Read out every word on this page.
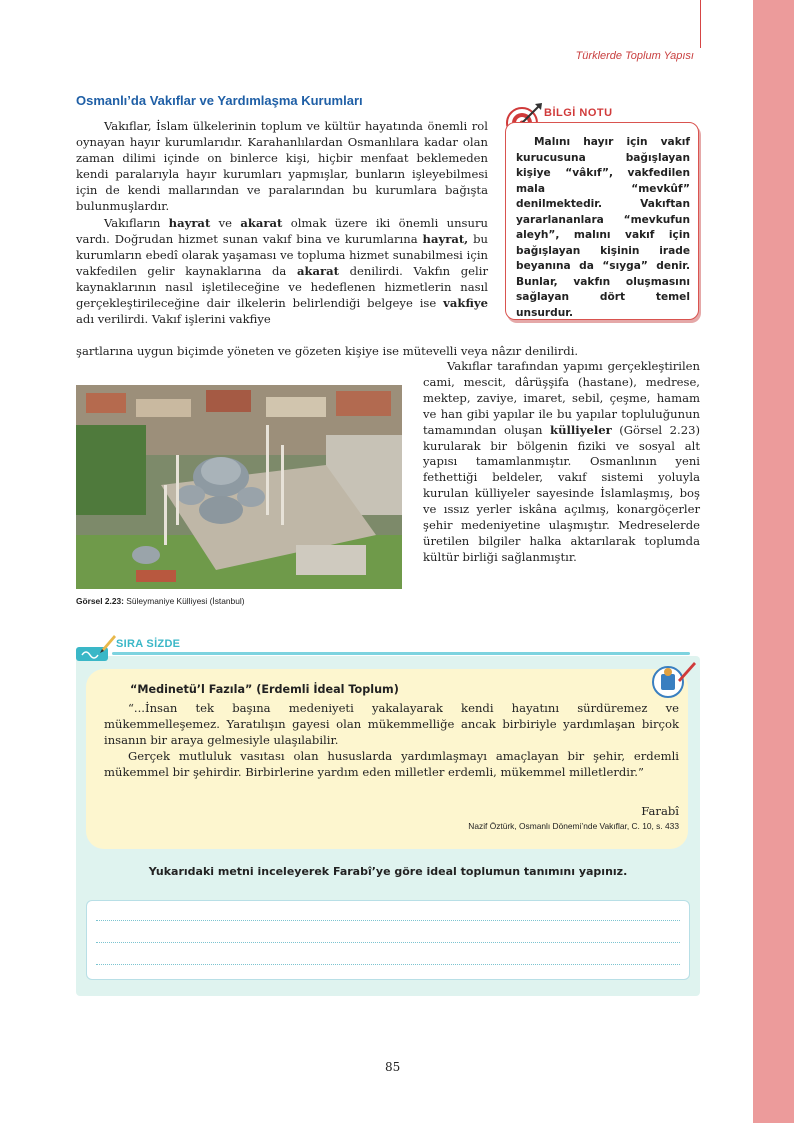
Türklerde Toplum Yapısı
Osmanlı’da Vakıflar ve Yardımlaşma Kurumları

Vakıflar, İslam ülkelerinin toplum ve kültür hayatında önemli rol oynayan hayır kurumlarıdır. Karahanlılardan Osmanlılara kadar olan zaman dilimi içinde on binlerce kişi, hiçbir menfaat beklemeden kendi paralarıyla hayır kurumları yapmışlar, bunların işleyebilmesi için de kendi mallarından ve paralarından bu kurumlara bağışta bulunmuşlardır.

Vakıfların hayrat ve akarat olmak üzere iki önemli unsuru vardı. Doğrudan hizmet sunan vakıf bina ve kurumlarına hayrat, bu kurumların ebedî olarak yaşaması ve topluma hizmet sunabilmesi için vakfedilen gelir kaynaklarına da akarat denilirdi. Vakfın gelir kaynaklarının nasıl işletileceğine ve hedeflenen hizmetlerin nasıl gerçekleştirileceğine dair ilkelerin belirlendiği belgeye ise vakfiye adı verilirdi. Vakıf işlerini vakfiye

şartlarına uygun biçimde yöneten ve gözeten kişiye ise mütevelli veya nâzır denilirdi.
BİLGİ NOTU
Malını hayır için vakıf kurucusuna bağışlayan kişiye “vâkıf”, vakfedilen mala “mevkûf” denilmektedir. Vakıftan yararlananlara “mevkufun aleyh”, malını vakıf için bağışlayan kişinin irade beyanına da “sıyga” denir. Bunlar, vakfın oluşmasını sağlayan dört temel unsurdur.
Görsel 2.23: Süleymaniye Külliyesi (İstanbul)

Vakıflar tarafından yapımı gerçekleştirilen cami, mescit, dârüşşifa (hastane), medrese, mektep, zaviye, imaret, sebil, çeşme, hamam ve han gibi yapılar ile bu yapılar topluluğunun tamamından oluşan külliyeler (Görsel 2.23) kurularak bir bölgenin fiziki ve sosyal alt yapısı tamamlanmıştır. Osmanlının yeni fethettiği beldeler, vakıf sistemi yoluyla kurulan külliyeler sayesinde İslamlaşmış, boş ve ıssız yerler iskâna açılmış, konargöçerler şehir medeniyetine ulaşmıştır. Medreselerde üretilen bilgiler halka aktarılarak toplumda kültür birliği sağlanmıştır.

SIRA SİZDE
“Medinetü’l Fazıla” (Erdemli İdeal Toplum)

“...İnsan tek başına medeniyeti yakalayarak kendi hayatını sürdüremez ve mükemmelleşemez. Yaratılışın gayesi olan mükemmelliğe ancak birbiriyle yardımlaşan birçok insanın bir araya gelmesiyle ulaşılabilir.

Gerçek mutluluk vasıtası olan hususlarda yardımlaşmayı amaçlayan bir şehir, erdemli mükemmel bir şehirdir. Birbirlerine yardım eden milletler erdemli, mükemmel milletlerdir.”

Farabî
Nazif Öztürk, Osmanlı Dönemi’nde Vakıflar, C. 10, s. 433
Yukarıdaki metni inceleyerek Farabî’ye göre ideal toplumun tanımını yapınız.
85
